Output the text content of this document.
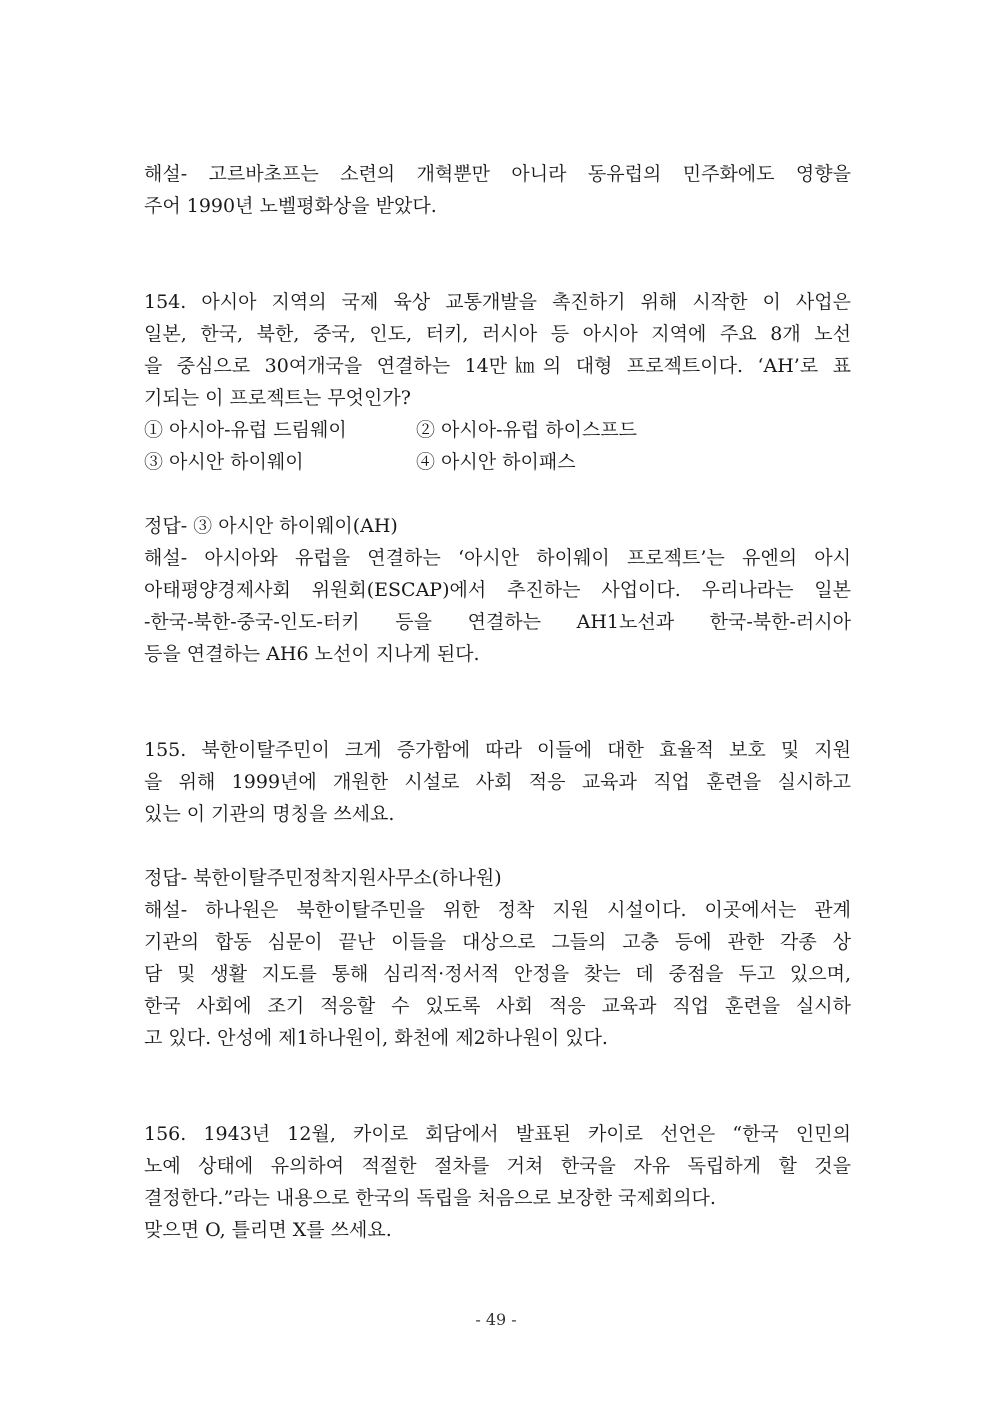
해설- 고르바초프는 소련의 개혁뿐만 아니라 동유럽의 민주화에도 영향을
주어 1990년 노벨평화상을 받았다.
154. 아시아 지역의 국제 육상 교통개발을 촉진하기 위해 시작한 이 사업은
일본, 한국, 북한, 중국, 인도, 터키, 러시아 등 아시아 지역에 주요 8개 노선
을 중심으로 30여개국을 연결하는 14만㎞의 대형 프로젝트이다. ‘AH’로 표
기되는 이 프로젝트는 무엇인가?
① 아시아-유럽 드림웨이	② 아시아-유럽 하이스프드
③ 아시안 하이웨이	④ 아시안 하이패스
정답- ③ 아시안 하이웨이(AH)
해설- 아시아와 유럽을 연결하는 ‘아시안 하이웨이 프로젝트’는 유엔의 아시
아태평양경제사회 위원회(ESCAP)에서 추진하는 사업이다. 우리나라는 일본
-한국-북한-중국-인도-터키 등을 연결하는 AH1노선과 한국-북한-러시아
등을 연결하는 AH6 노선이 지나게 된다.
155. 북한이탈주민이 크게 증가함에 따라 이들에 대한 효율적 보호 및 지원
을 위해 1999년에 개원한 시설로 사회 적응 교육과 직업 훈련을 실시하고
있는 이 기관의 명칭을 쓰세요.
정답- 북한이탈주민정착지원사무소(하나원)
해설- 하나원은 북한이탈주민을 위한 정착 지원 시설이다. 이곳에서는 관계
기관의 합동 심문이 끝난 이들을 대상으로 그들의 고충 등에 관한 각종 상
담 및 생활 지도를 통해 심리적·정서적 안정을 찾는 데 중점을 두고 있으며,
한국 사회에 조기 적응할 수 있도록 사회 적응 교육과 직업 훈련을 실시하
고 있다. 안성에 제1하나원이, 화천에 제2하나원이 있다.
156. 1943년 12월, 카이로 회담에서 발표된 카이로 선언은 “한국 인민의
노예 상태에 유의하여 적절한 절차를 거쳐 한국을 자유 독립하게 할 것을
결정한다.”라는 내용으로 한국의 독립을 처음으로 보장한 국제회의다.
맞으면 O, 틀리면 X를 쓰세요.
- 49 -
